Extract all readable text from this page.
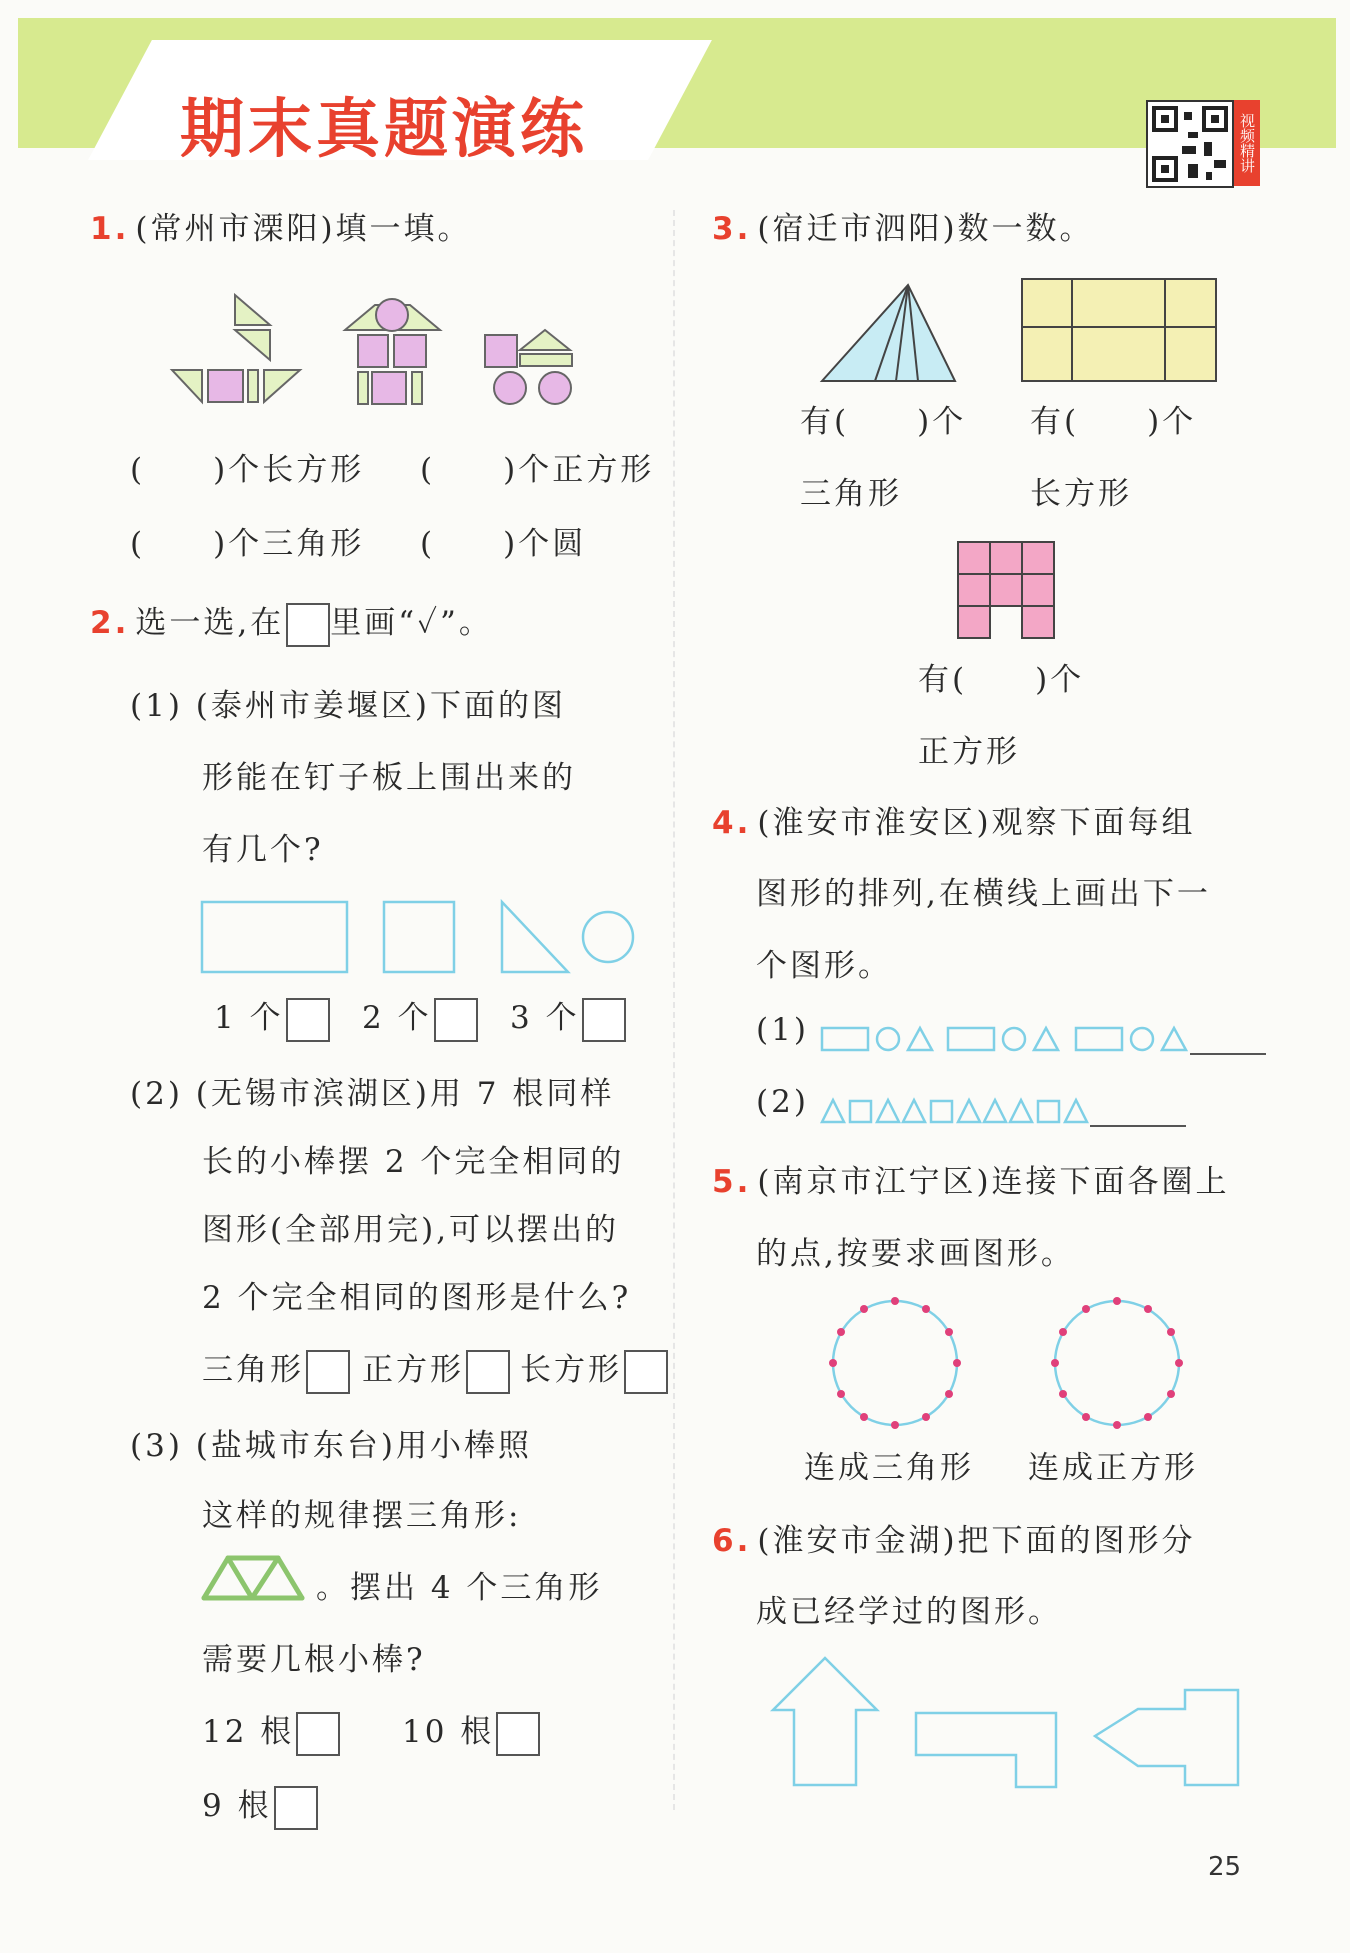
期末真题演练	视频精讲
1. (常州市溧阳)填一填。
(　　)个长方形 (　　)个正方形
(　　)个三角形 (　　)个圆
2. 选一选,在 里画“✓”。
(1) (泰州市姜堰区)下面的图
形能在钉子板上围出来的
有几个?
1 个	2 个	3 个
(2) (无锡市滨湖区)用 7 根同样
长的小棒摆 2 个完全相同的
图形(全部用完),可以摆出的
2 个完全相同的图形是什么?
三角形	正方形	长方形
(3) (盐城市东台)用小棒照
这样的规律摆三角形:
。摆出 4 个三角形
需要几根小棒?
12 根	10 根
9 根
3. (宿迁市泗阳)数一数。
有(　　)个
三角形
有(　　)个
长方形
有(　　)个
正方形
4. (淮安市淮安区)观察下面每组
图形的排列,在横线上画出下一
个图形。
(1)
(2)
5. (南京市江宁区)连接下面各圈上
的点,按要求画图形。
连成三角形 连成正方形
6. (淮安市金湖)把下面的图形分
成已经学过的图形。
25
